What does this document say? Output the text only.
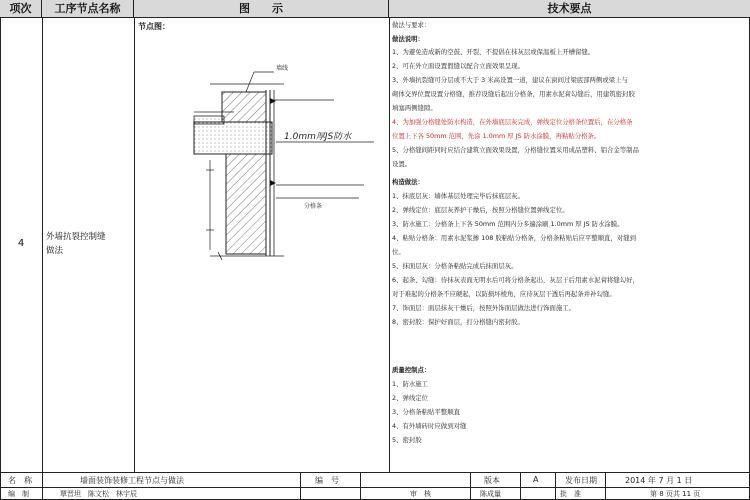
项次	工序节点名称	图　　示	技术要点
4
外墙抗裂控制缝
做法
节点图：
墙线
1.0mm厚JS防水
分格条
做法与要求：
做法说明：
1、为避免造成新的空鼓、开裂，不提倡在抹灰层或保温板上开槽留缝。
2、可在外立面设置假缝以配合立面效果呈现。
3、外墙抗裂缝可分层或不大于 3 米高设置一道，建议在窗间过梁底部两侧或梁上与
砌体交界位置设置分格缝，推荐设缝后起出分格条，用素水泥膏勾缝后，用建筑密封胶
填塞两侧缝隙。
4、为加强分格缝处防水构造，在外墙底层灰完成，弹线定位分格条位置后，在分格条
位置上下各 50mm 范围，先涂 1.0mm 厚 JS 防水涂膜，再粘贴分格条。
5、分格缝间距同时应结合建筑立面效果设置，分格缝位置采用成品塑料、铝合金等制品
设置。
构造做法：
1、抹底层灰：墙体基层处理完毕后抹底层灰。
2、弹线定位：底层灰养护干燥后，按照分格缝位置弹线定位。
3、防水施工：分格条上下各 50mm 范围内分多遍涂刷 1.0mm 厚 JS 防水涂膜。
4、粘贴分格条：用素水泥浆掺 108 胶粘贴分格条，分格条粘贴后应平整顺直，对缝到
位。
5、抹面层灰：分格条粘贴完成后抹面层灰。
6、起条、勾缝：待抹灰表面无明水后可将分格条起出，灰层干后用素水泥膏将缝勾好，
对于难起的分格条不应硬起，以防损坏棱角，应待灰层干透后再起条并补勾缝。
7、饰面层：面层抹灰干燥后，按照外饰面层做法进行饰面施工。
8、密封胶：保护好面层，打分格缝内密封胶。
质量控制点：
1、防水施工
2、弹线定位
3、分格条粘贴平整顺直
4、有外墙砖时应做到对缝
5、密封胶
名　称	墙面装饰装修工程节点与做法	编　号	版本	A	发布日期	2014 年 7 月 1 日
编　制	覃晋坦　陈文松　林宇辰	审　核	陈成量	批　准	第 8 页共 11 页
